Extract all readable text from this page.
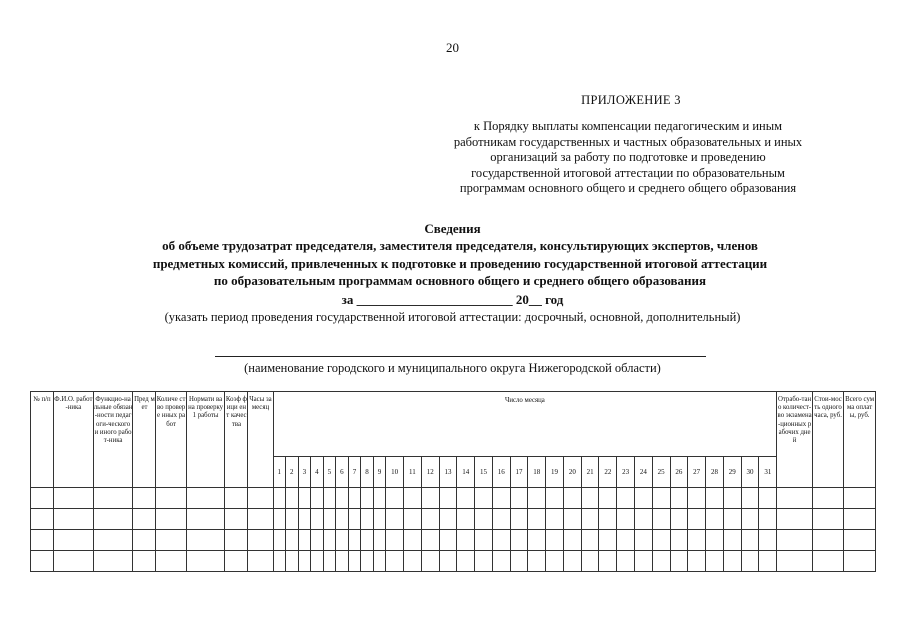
20
ПРИЛОЖЕНИЕ 3
к Порядку выплаты компенсации педагогическим и иным
работникам государственных и частных образовательных и иных
организаций за работу по подготовке и проведению
государственной итоговой аттестации по образовательным
программам основного общего и среднего общего образования
Сведения
об объеме трудозатрат председателя, заместителя председателя, консультирующих экспертов, членов
предметных комиссий, привлеченных к подготовке и проведению государственной итоговой аттестации
по образовательным программам основного общего и среднего общего образования
за ________________________ 20__ год
(указать период проведения государственной итоговой аттестации: досрочный, основной, дополнительный)
(наименование городского и муниципального округа Нижегородской области)
№ п/п	Ф.И.О. работ-ника	Функцио-нальные обязан-ности педагоги-ческого и иного работ-ника	Пред мет	Количе ство провере нных работ	Нормати ва на проверку 1 работы	Коэф фици ент качес тва	Часы за месяц	Число месяца																															Отрабо-тано количест-во экзамена-ционных рабочих дней	Стои-мость одного часа, руб.	Всего сумма оплаты, руб.
								1	2	3	4	5	6	7	8	9	10	11	12	13	14	15	16	17	18	19	20	21	22	23	24	25	26	27	28	29	30	31			
